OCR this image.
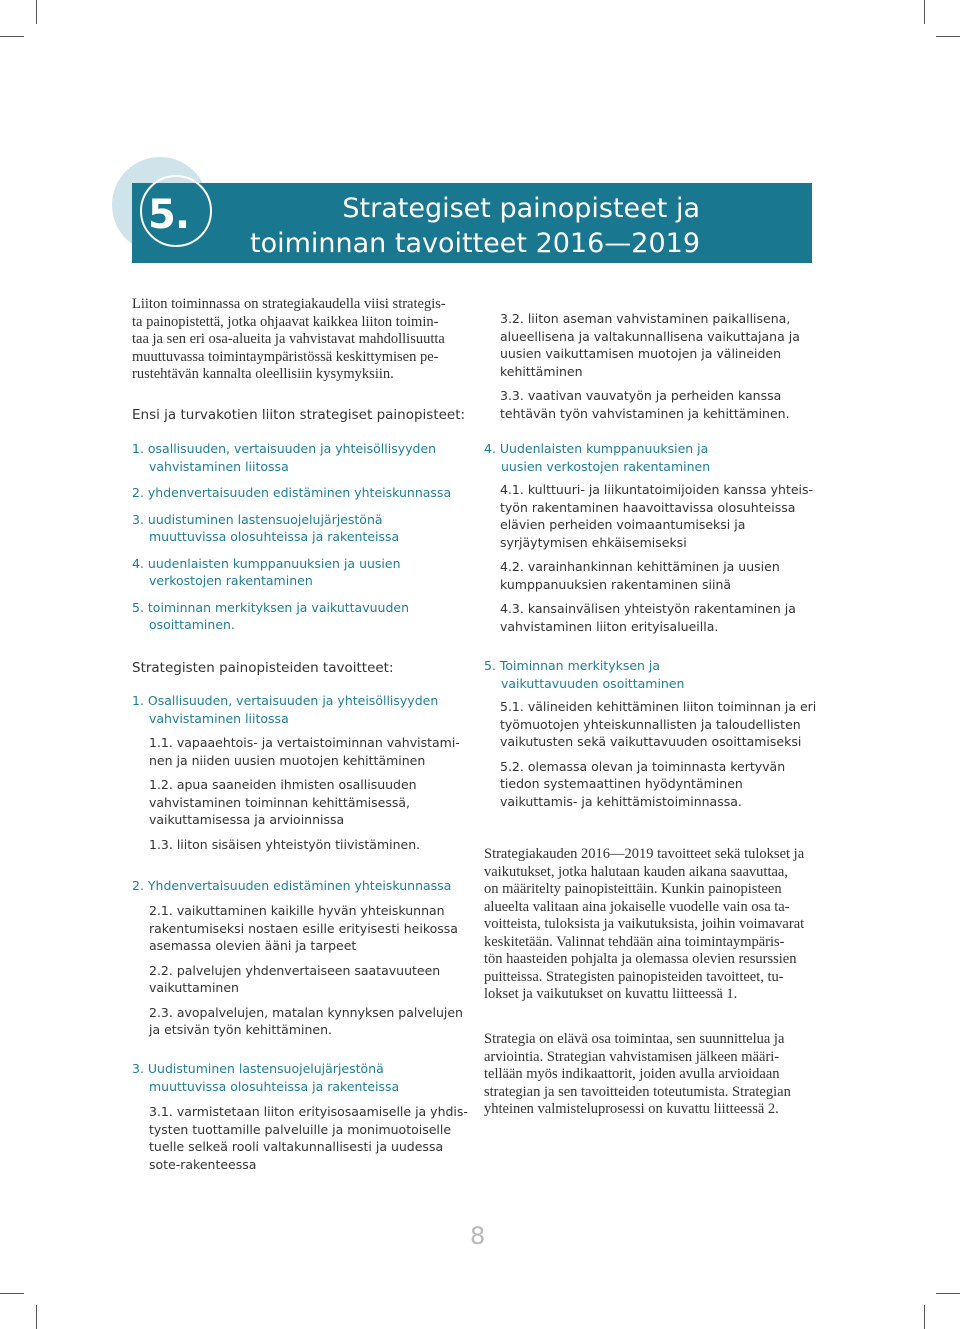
Strategiset painopisteet ja
toiminnan tavoitteet 2016—2019
5.
Liiton toiminnassa on strategiakaudella viisi strategis-
ta painopistettä, jotka ohjaavat kaikkea liiton toimin-
taa ja sen eri osa-alueita ja vahvistavat mahdollisuutta
muuttuvassa toimintaympäristössä keskittymisen pe-
rustehtävän kannalta oleellisiin kysymyksiin.
Ensi ja turvakotien liiton strategiset painopisteet:
1. osallisuuden, vertaisuuden ja yhteisöllisyyden
vahvistaminen liitossa
2. yhdenvertaisuuden edistäminen yhteiskunnassa
3. uudistuminen lastensuojelujärjestönä
muuttuvissa olosuhteissa ja rakenteissa
4. uudenlaisten kumppanuuksien ja uusien
verkostojen rakentaminen
5. toiminnan merkityksen ja vaikuttavuuden
osoittaminen.
Strategisten painopisteiden tavoitteet:
1. Osallisuuden, vertaisuuden ja yhteisöllisyyden
vahvistaminen liitossa
1.1. vapaaehtois- ja vertaistoiminnan vahvistami-
nen ja niiden uusien muotojen kehittäminen
1.2. apua saaneiden ihmisten osallisuuden
vahvistaminen toiminnan kehittämisessä,
vaikuttamisessa ja arvioinnissa
1.3. liiton sisäisen yhteistyön tiivistäminen.
2. Yhdenvertaisuuden edistäminen yhteiskunnassa
2.1. vaikuttaminen kaikille hyvän yhteiskunnan
rakentumiseksi nostaen esille erityisesti heikossa
asemassa olevien ääni ja tarpeet
2.2. palvelujen yhdenvertaiseen saatavuuteen
vaikuttaminen
2.3. avopalvelujen, matalan kynnyksen palvelujen
ja etsivän työn kehittäminen.
3. Uudistuminen lastensuojelujärjestönä
muuttuvissa olosuhteissa ja rakenteissa
3.1. varmistetaan liiton erityisosaamiselle ja yhdis-
tysten tuottamille palveluille ja monimuotoiselle
tuelle selkeä rooli valtakunnallisesti ja uudessa
sote-rakenteessa
3.2. liiton aseman vahvistaminen paikallisena,
alueellisena ja valtakunnallisena vaikuttajana ja
uusien vaikuttamisen muotojen ja välineiden
kehittäminen
3.3. vaativan vauvatyön ja perheiden kanssa
tehtävän työn vahvistaminen ja kehittäminen.
4. Uudenlaisten kumppanuuksien ja
uusien verkostojen rakentaminen
4.1. kulttuuri- ja liikuntatoimijoiden kanssa yhteis-
työn rakentaminen haavoittavissa olosuhteissa
elävien perheiden voimaantumiseksi ja
syrjäytymisen ehkäisemiseksi
4.2. varainhankinnan kehittäminen ja uusien
kumppanuuksien rakentaminen siinä
4.3. kansainvälisen yhteistyön rakentaminen ja
vahvistaminen liiton erityisalueilla.
5. Toiminnan merkityksen ja
vaikuttavuuden osoittaminen
5.1. välineiden kehittäminen liiton toiminnan ja eri
työmuotojen yhteiskunnallisten ja taloudellisten
vaikutusten sekä vaikuttavuuden osoittamiseksi
5.2. olemassa olevan ja toiminnasta kertyvän
tiedon systemaattinen hyödyntäminen
vaikuttamis- ja kehittämistoiminnassa.
Strategiakauden 2016—2019 tavoitteet sekä tulokset ja
vaikutukset, jotka halutaan kauden aikana saavuttaa,
on määritelty painopisteittäin. Kunkin painopisteen
alueelta valitaan aina jokaiselle vuodelle vain osa ta-
voitteista, tuloksista ja vaikutuksista, joihin voimavarat
keskitetään. Valinnat tehdään aina toimintaympäris-
tön haasteiden pohjalta ja olemassa olevien resurssien
puitteissa. Strategisten painopisteiden tavoitteet, tu-
lokset ja vaikutukset on kuvattu liitteessä 1.
Strategia on elävä osa toimintaa, sen suunnittelua ja
arviointia. Strategian vahvistamisen jälkeen määri-
tellään myös indikaattorit, joiden avulla arvioidaan
strategian ja sen tavoitteiden toteutumista. Strategian
yhteinen valmisteluprosessi on kuvattu liitteessä 2.
8
